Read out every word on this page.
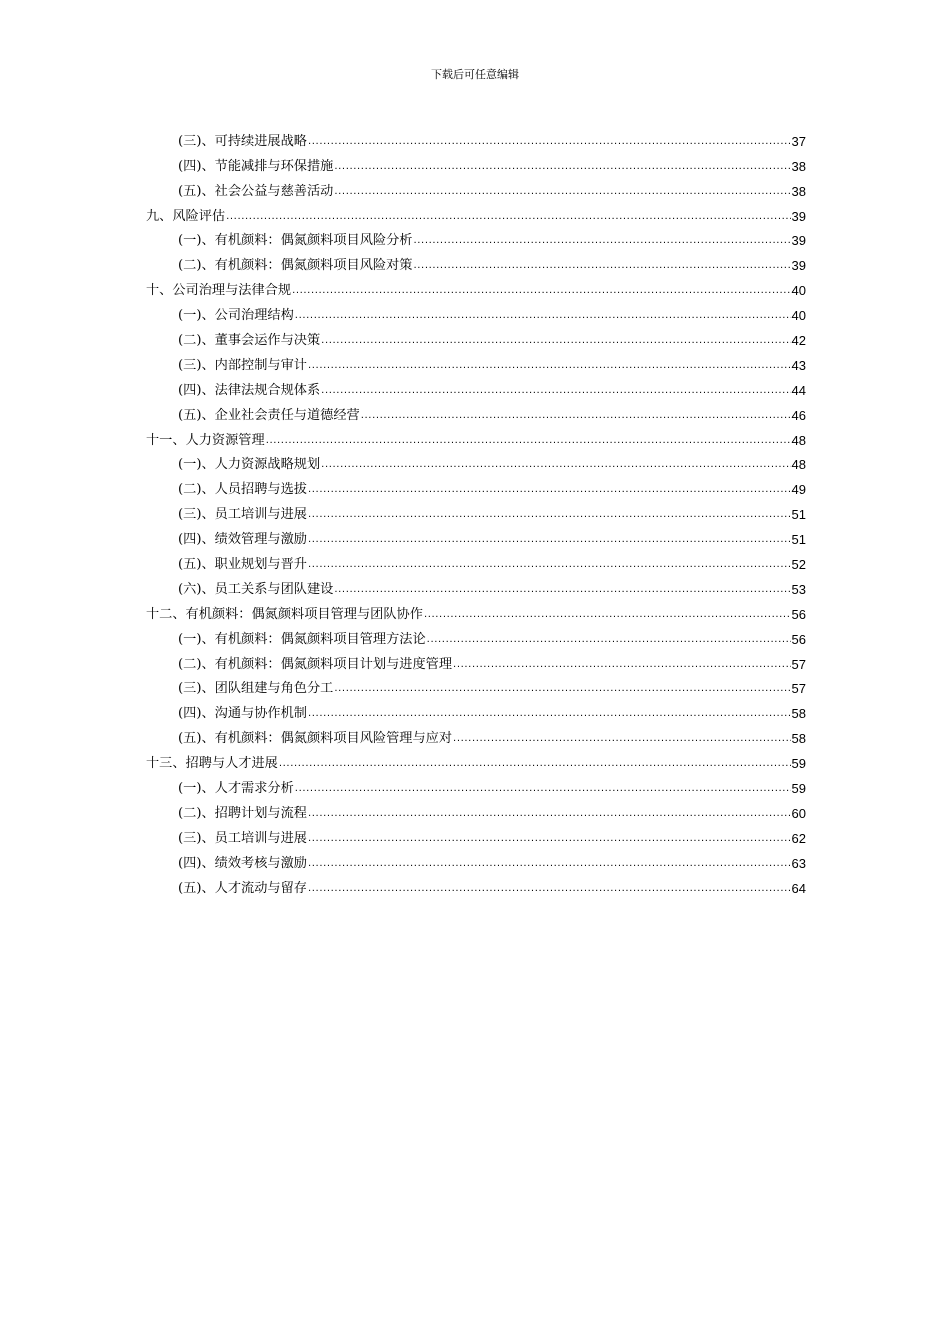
下载后可任意编辑
(三)、可持续进展战略 .....	37
(四)、节能减排与环保措施 .....	38
(五)、社会公益与慈善活动 .....	38
九、风险评估 .....	39
(一)、有机颜料：偶氮颜料项目风险分析 .....	39
(二)、有机颜料：偶氮颜料项目风险对策 .....	39
十、公司治理与法律合规 .....	40
(一)、公司治理结构 .....	40
(二)、董事会运作与决策 .....	42
(三)、内部控制与审计 .....	43
(四)、法律法规合规体系 .....	44
(五)、企业社会责任与道德经营 .....	46
十一、人力资源管理 .....	48
(一)、人力资源战略规划 .....	48
(二)、人员招聘与选拔 .....	49
(三)、员工培训与进展 .....	51
(四)、绩效管理与激励 .....	51
(五)、职业规划与晋升 .....	52
(六)、员工关系与团队建设 .....	53
十二、有机颜料：偶氮颜料项目管理与团队协作 .....	56
(一)、有机颜料：偶氮颜料项目管理方法论 .....	56
(二)、有机颜料：偶氮颜料项目计划与进度管理 .....	57
(三)、团队组建与角色分工 .....	57
(四)、沟通与协作机制 .....	58
(五)、有机颜料：偶氮颜料项目风险管理与应对 .....	58
十三、招聘与人才进展 .....	59
(一)、人才需求分析 .....	59
(二)、招聘计划与流程 .....	60
(三)、员工培训与进展 .....	62
(四)、绩效考核与激励 .....	63
(五)、人才流动与留存 .....	64
